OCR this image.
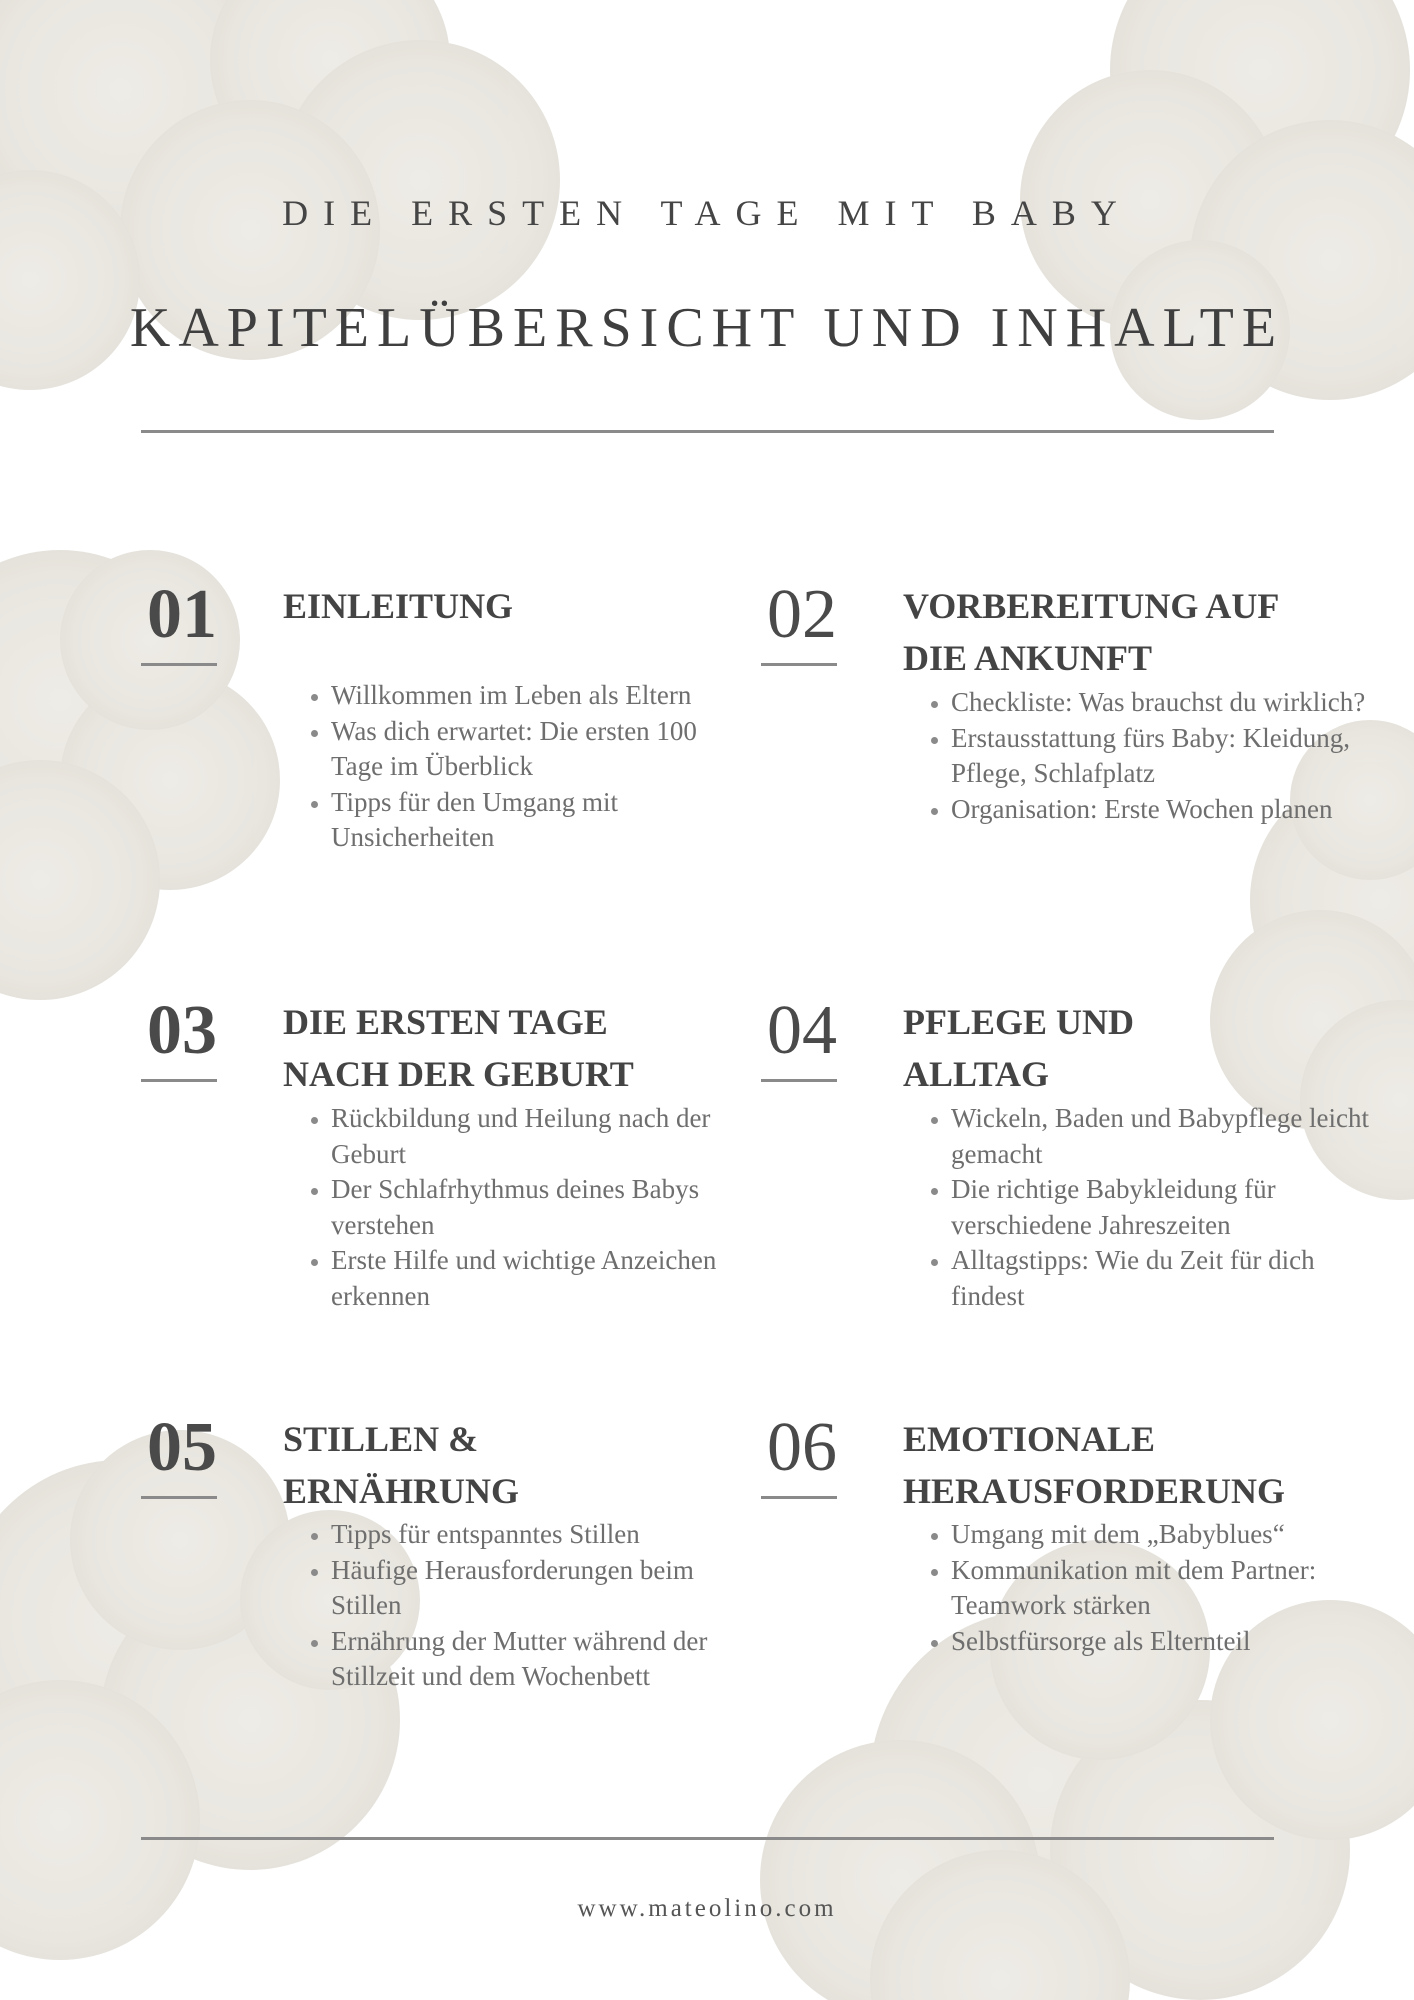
DIE ERSTEN TAGE MIT BABY
KAPITELÜBERSICHT UND INHALTE
01 EINLEITUNG
• Willkommen im Leben als Eltern
• Was dich erwartet: Die ersten 100 Tage im Überblick
• Tipps für den Umgang mit Unsicherheiten
02 VORBEREITUNG AUF DIE ANKUNFT
• Checkliste: Was brauchst du wirklich?
• Erstausstattung fürs Baby: Kleidung, Pflege, Schlafplatz
• Organisation: Erste Wochen planen
03 DIE ERSTEN TAGE NACH DER GEBURT
• Rückbildung und Heilung nach der Geburt
• Der Schlafrhythmus deines Babys verstehen
• Erste Hilfe und wichtige Anzeichen erkennen
04 PFLEGE UND ALLTAG
• Wickeln, Baden und Babypflege leicht gemacht
• Die richtige Babykleidung für verschiedene Jahreszeiten
• Alltagstipps: Wie du Zeit für dich findest
05 STILLEN & ERNÄHRUNG
• Tipps für entspanntes Stillen
• Häufige Herausforderungen beim Stillen
• Ernährung der Mutter während der Stillzeit und dem Wochenbett
06 EMOTIONALE HERAUSFORDERUNG
• Umgang mit dem „Babyblues“
• Kommunikation mit dem Partner: Teamwork stärken
• Selbstfürsorge als Elternteil
www.mateolino.com
